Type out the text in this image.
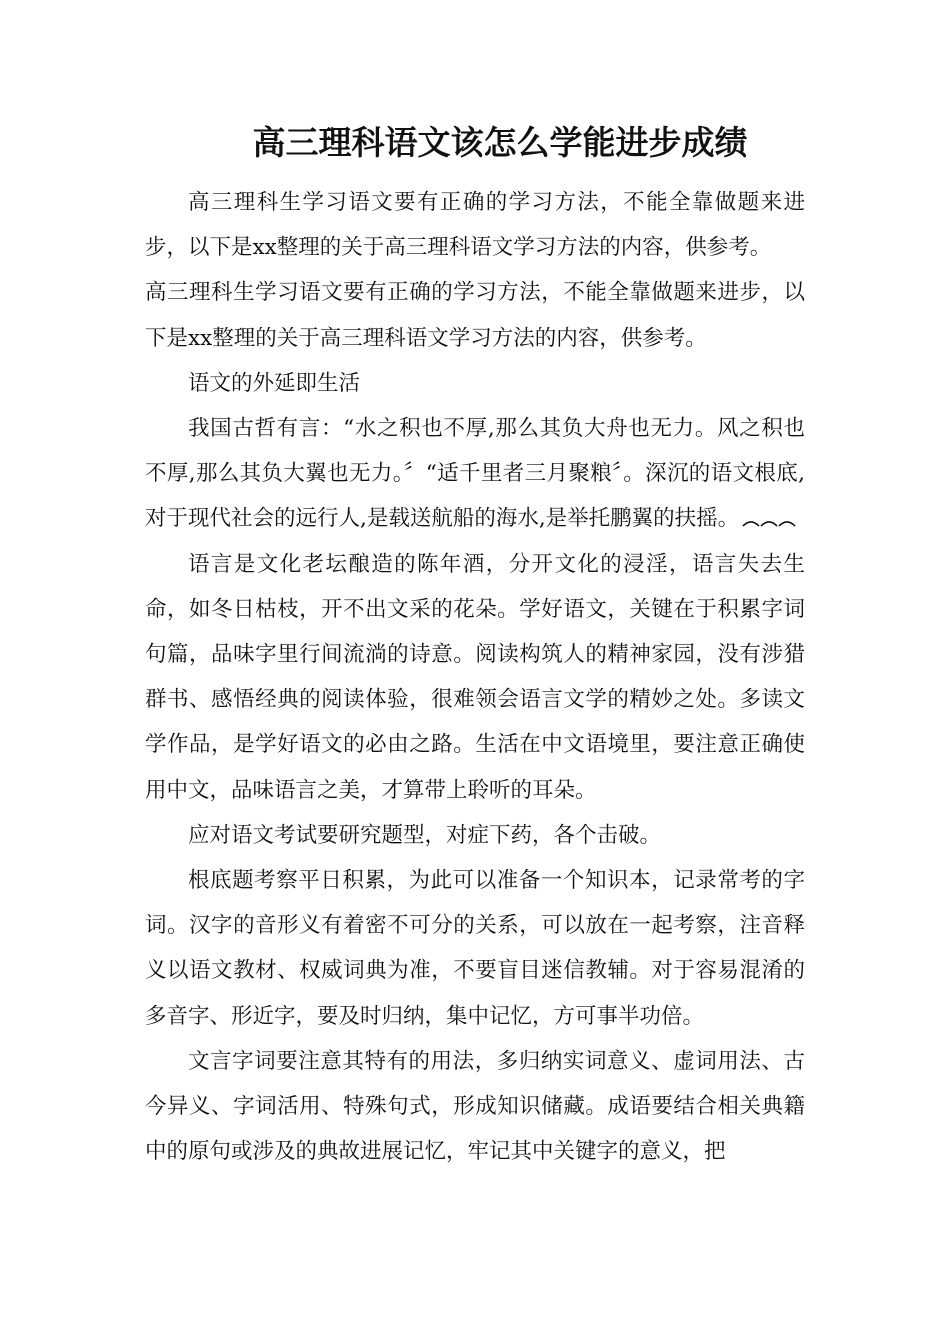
高三理科语文该怎么学能进步成绩

高三理科生学习语文要有正确的学习方法，不能全靠做题来进步，以下是xx整理的关于高三理科语文学习方法的内容，供参考。

高三理科生学习语文要有正确的学习方法，不能全靠做题来进步，以下是xx整理的关于高三理科语文学习方法的内容，供参考。

语文的外延即生活

我国古哲有言：“水之积也不厚,那么其负大舟也无力。风之积也不厚,那么其负大翼也无力。〞“适千里者三月聚粮〞。深沉的语文根底,对于现代社会的远行人,是载送航船的海水,是举托鹏翼的扶摇。

语言是文化老坛酿造的陈年酒，分开文化的浸淫，语言失去生命，如冬日枯枝，开不出文采的花朵。学好语文，关键在于积累字词句篇，品味字里行间流淌的诗意。阅读构筑人的精神家园，没有涉猎群书、感悟经典的阅读体验，很难领会语言文学的精妙之处。多读文学作品，是学好语文的必由之路。生活在中文语境里，要注意正确使用中文，品味语言之美，才算带上聆听的耳朵。

应对语文考试要研究题型，对症下药，各个击破。

根底题考察平日积累，为此可以准备一个知识本，记录常考的字词。汉字的音形义有着密不可分的关系，可以放在一起考察，注音释义以语文教材、权威词典为准，不要盲目迷信教辅。对于容易混淆的多音字、形近字，要及时归纳，集中记忆，方可事半功倍。

文言字词要注意其特有的用法，多归纳实词意义、虚词用法、古今异义、字词活用、特殊句式，形成知识储藏。成语要结合相关典籍中的原句或涉及的典故进展记忆，牢记其中关键字的意义，把
